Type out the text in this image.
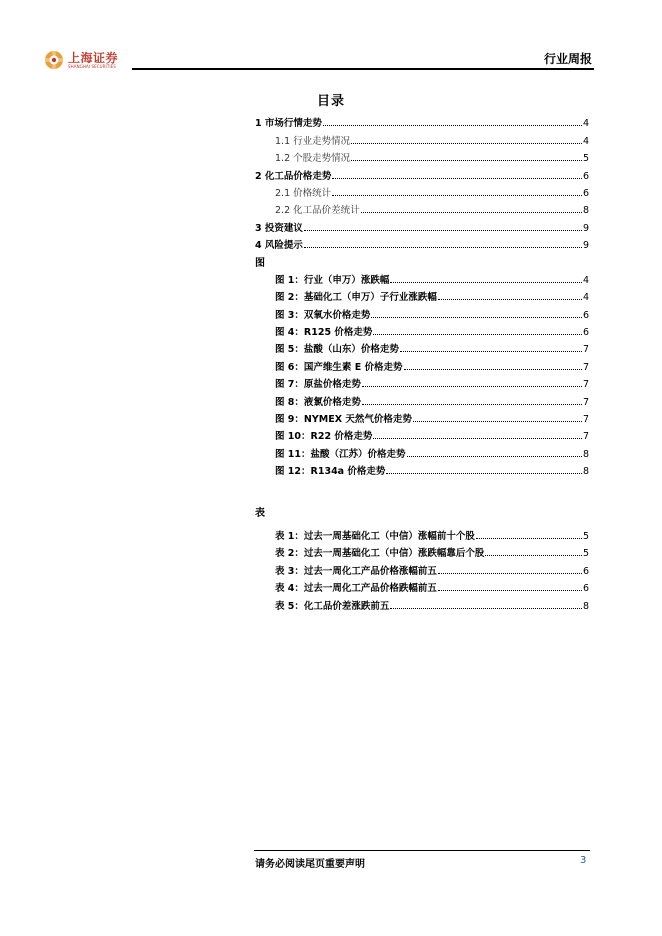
上海证券
SHANGHAI SECURITIES	行业周报
目录
1 市场行情走势	4
1.1 行业走势情况	4
1.2 个股走势情况	5
2 化工品价格走势	6
2.1 价格统计	6
2.2 化工品价差统计	8
3 投资建议	9
4 风险提示	9
图
图 1：行业（申万）涨跌幅	4
图 2：基础化工（申万）子行业涨跌幅	4
图 3：双氧水价格走势	6
图 4：R125 价格走势	6
图 5：盐酸（山东）价格走势	7
图 6：国产维生素 E 价格走势	7
图 7：原盐价格走势	7
图 8：液氯价格走势	7
图 9：NYMEX 天然气价格走势	7
图 10：R22 价格走势	7
图 11：盐酸（江苏）价格走势	8
图 12：R134a 价格走势	8
表
表 1：过去一周基础化工（中信）涨幅前十个股	5
表 2：过去一周基础化工（中信）涨跌幅靠后个股	5
表 3：过去一周化工产品价格涨幅前五	6
表 4：过去一周化工产品价格跌幅前五	6
表 5：化工品价差涨跌前五	8
请务必阅读尾页重要声明	3
